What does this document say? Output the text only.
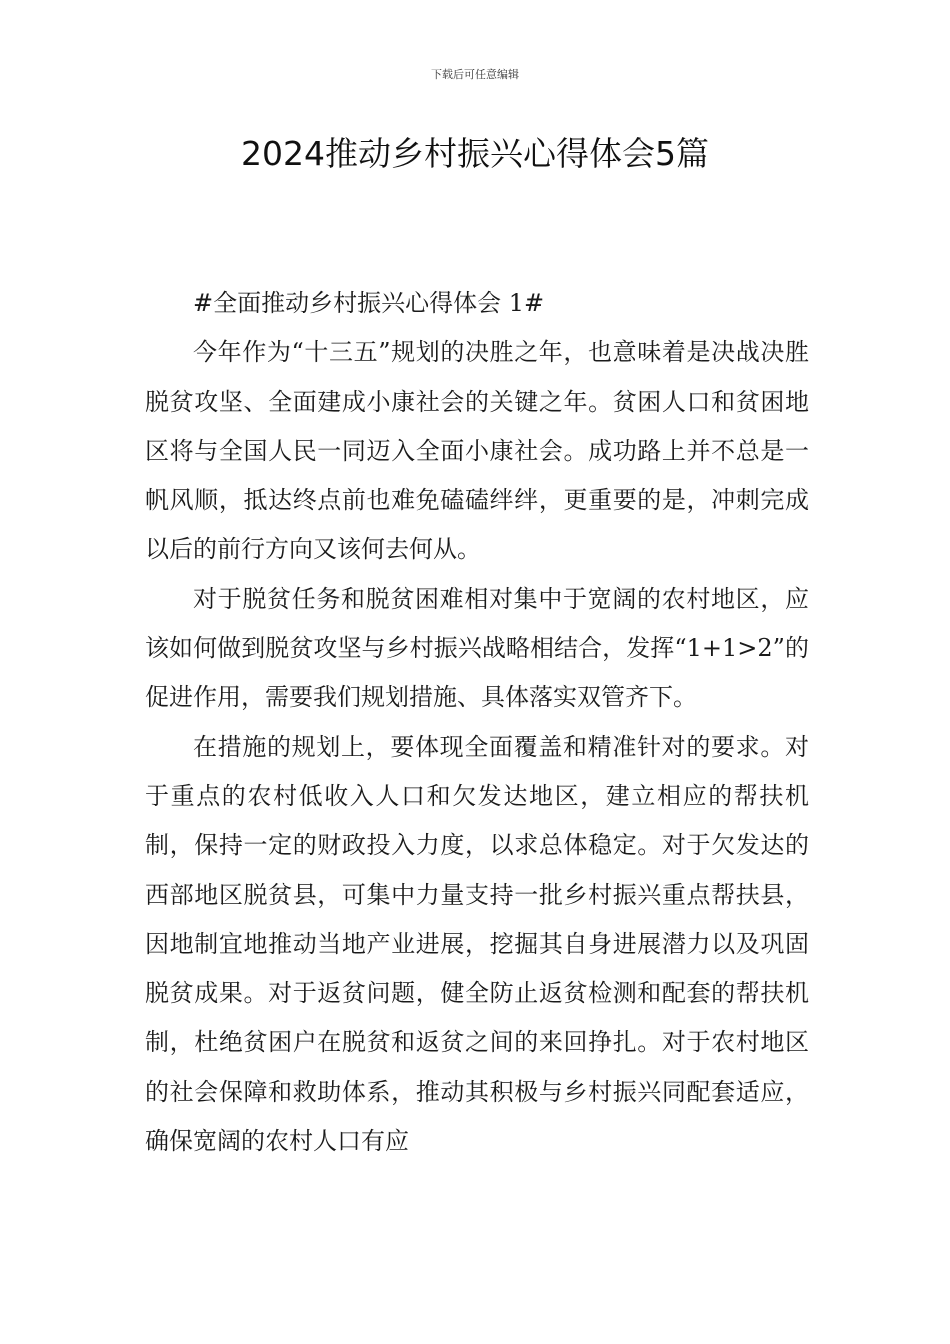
下载后可任意编辑
2024推动乡村振兴心得体会5篇

#全面推动乡村振兴心得体会 1#

今年作为“十三五”规划的决胜之年，也意味着是决战决胜脱贫攻坚、全面建成小康社会的关键之年。贫困人口和贫困地区将与全国人民一同迈入全面小康社会。成功路上并不总是一帆风顺，抵达终点前也难免磕磕绊绊，更重要的是，冲刺完成以后的前行方向又该何去何从。

对于脱贫任务和脱贫困难相对集中于宽阔的农村地区，应该如何做到脱贫攻坚与乡村振兴战略相结合，发挥“1+1>2”的促进作用，需要我们规划措施、具体落实双管齐下。

在措施的规划上，要体现全面覆盖和精准针对的要求。对于重点的农村低收入人口和欠发达地区，建立相应的帮扶机制，保持一定的财政投入力度，以求总体稳定。对于欠发达的西部地区脱贫县，可集中力量支持一批乡村振兴重点帮扶县，因地制宜地推动当地产业进展，挖掘其自身进展潜力以及巩固脱贫成果。对于返贫问题，健全防止返贫检测和配套的帮扶机制，杜绝贫困户在脱贫和返贫之间的来回挣扎。对于农村地区的社会保障和救助体系，推动其积极与乡村振兴同配套适应，确保宽阔的农村人口有应
